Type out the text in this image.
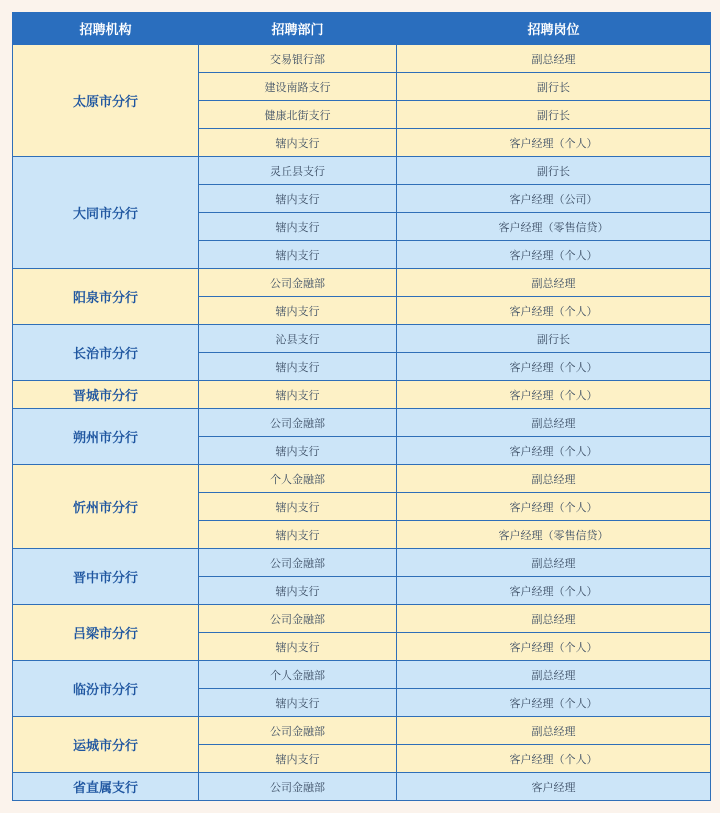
招聘机构	招聘部门	招聘岗位
太原市分行	交易银行部	副总经理
	建设南路支行	副行长
	健康北街支行	副行长
	辖内支行	客户经理（个人）
大同市分行	灵丘县支行	副行长
	辖内支行	客户经理（公司）
	辖内支行	客户经理（零售信贷）
	辖内支行	客户经理（个人）
阳泉市分行	公司金融部	副总经理
	辖内支行	客户经理（个人）
长治市分行	沁县支行	副行长
	辖内支行	客户经理（个人）
晋城市分行	辖内支行	客户经理（个人）
朔州市分行	公司金融部	副总经理
	辖内支行	客户经理（个人）
忻州市分行	个人金融部	副总经理
	辖内支行	客户经理（个人）
	辖内支行	客户经理（零售信贷）
晋中市分行	公司金融部	副总经理
	辖内支行	客户经理（个人）
吕梁市分行	公司金融部	副总经理
	辖内支行	客户经理（个人）
临汾市分行	个人金融部	副总经理
	辖内支行	客户经理（个人）
运城市分行	公司金融部	副总经理
	辖内支行	客户经理（个人）
省直属支行	公司金融部	客户经理
